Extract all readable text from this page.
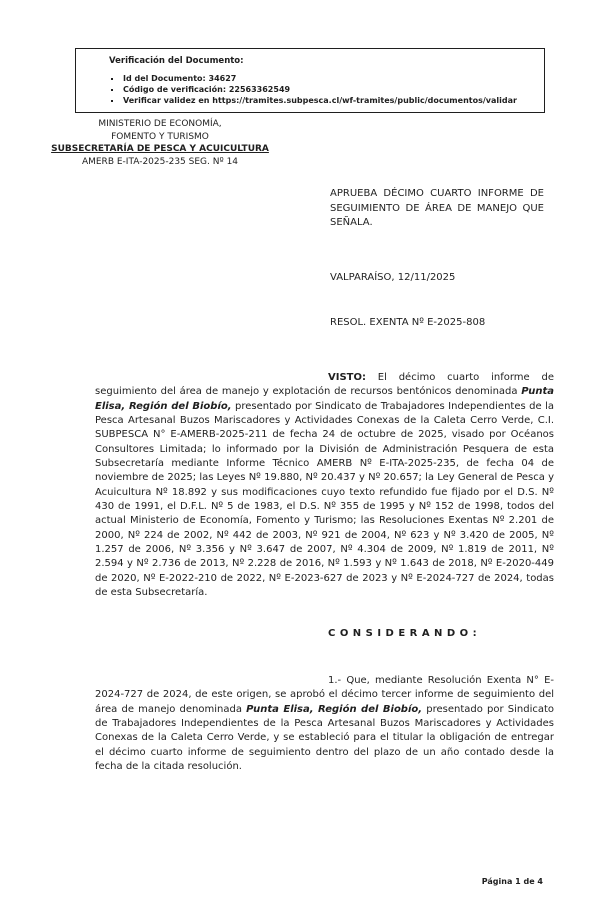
Verificación del Documento:
▪ Id del Documento: 34627
▪ Código de verificación: 22563362549
▪ Verificar validez en https://tramites.subpesca.cl/wf-tramites/public/documentos/validar
MINISTERIO DE ECONOMÍA,
FOMENTO Y TURISMO
SUBSECRETARÍA DE PESCA Y ACUICULTURA
AMERB E-ITA-2025-235 SEG. Nº 14
APRUEBA DÉCIMO CUARTO INFORME DE SEGUIMIENTO DE ÁREA DE MANEJO QUE SEÑALA.
VALPARAÍSO, 12/11/2025
RESOL. EXENTA Nº E-2025-808

VISTO: El décimo cuarto informe de seguimiento del área de manejo y explotación de recursos bentónicos denominada Punta Elisa, Región del Biobío, presentado por Sindicato de Trabajadores Independientes de la Pesca Artesanal Buzos Mariscadores y Actividades Conexas de la Caleta Cerro Verde, C.I. SUBPESCA N° E-AMERB-2025-211 de fecha 24 de octubre de 2025, visado por Océanos Consultores Limitada; lo informado por la División de Administración Pesquera de esta Subsecretaría mediante Informe Técnico AMERB Nº E-ITA-2025-235, de fecha 04 de noviembre de 2025; las Leyes Nº 19.880, Nº 20.437 y Nº 20.657; la Ley General de Pesca y Acuicultura Nº 18.892 y sus modificaciones cuyo texto refundido fue fijado por el D.S. Nº 430 de 1991, el D.F.L. Nº 5 de 1983, el D.S. Nº 355 de 1995 y Nº 152 de 1998, todos del actual Ministerio de Economía, Fomento y Turismo; las Resoluciones Exentas Nº 2.201 de 2000, Nº 224 de 2002, Nº 442 de 2003, Nº 921 de 2004, Nº 623 y Nº 3.420 de 2005, Nº 1.257 de 2006, Nº 3.356 y Nº 3.647 de 2007, Nº 4.304 de 2009, Nº 1.819 de 2011, Nº 2.594 y Nº 2.736 de 2013, Nº 2.228 de 2016, Nº 1.593 y Nº 1.643 de 2018, Nº E-2020-449 de 2020, Nº E-2022-210 de 2022, Nº E-2023-627 de 2023 y Nº E-2024-727 de 2024, todas de esta Subsecretaría.

C O N S I D E R A N D O :

1.- Que, mediante Resolución Exenta N° E-2024-727 de 2024, de este origen, se aprobó el décimo tercer informe de seguimiento del área de manejo denominada Punta Elisa, Región del Biobío, presentado por Sindicato de Trabajadores Independientes de la Pesca Artesanal Buzos Mariscadores y Actividades Conexas de la Caleta Cerro Verde, y se estableció para el titular la obligación de entregar el décimo cuarto informe de seguimiento dentro del plazo de un año contado desde la fecha de la citada resolución.

Página 1 de 4
